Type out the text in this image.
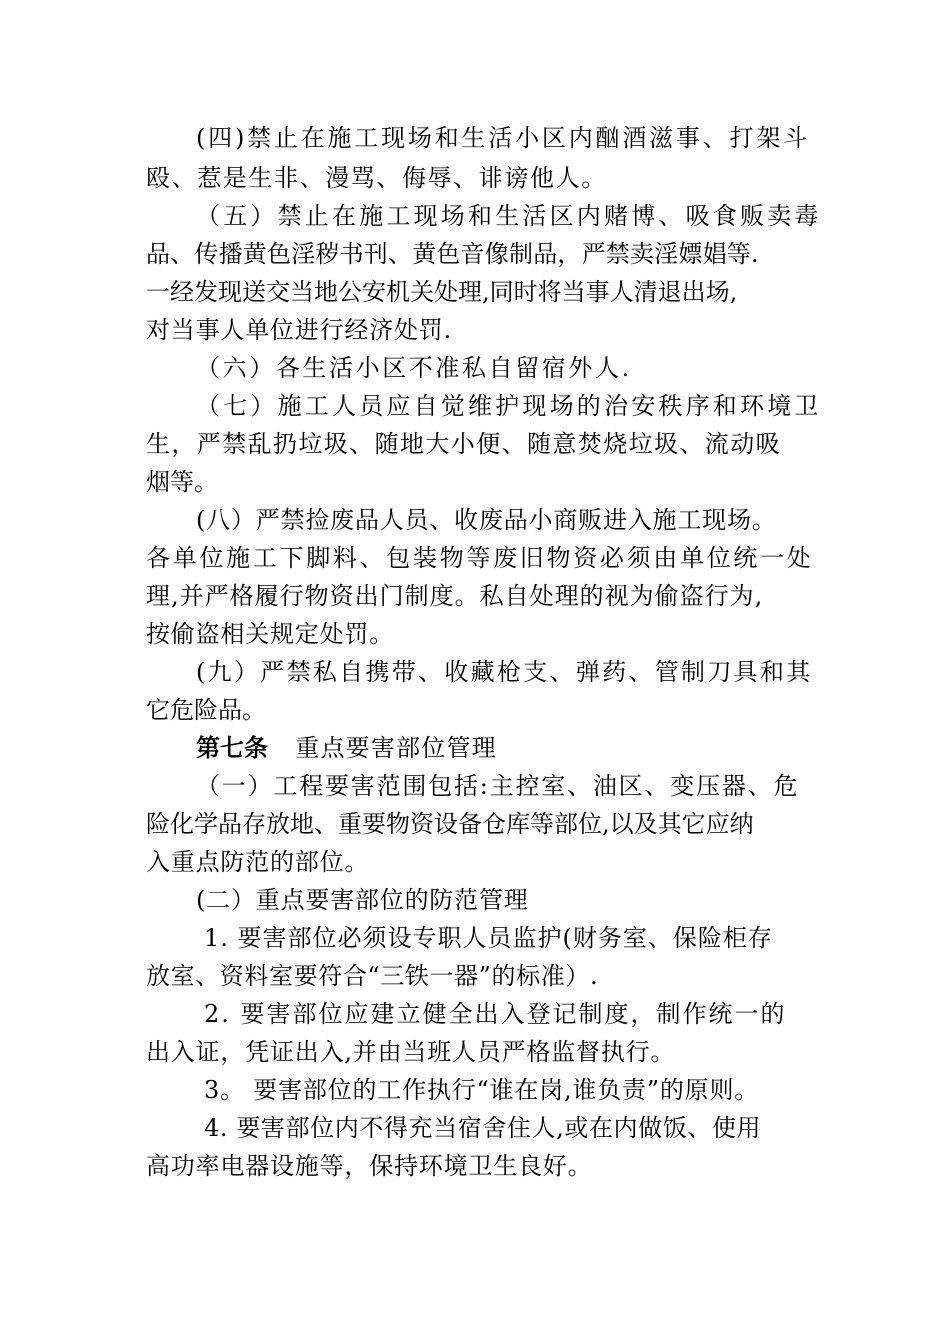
(四)禁止在施工现场和生活小区内酗酒滋事、打架斗
殴、惹是生非、漫骂、侮辱、诽谤他人。
（五）禁止在施工现场和生活区内赌博、吸食贩卖毒
品、传播黄色淫秽书刊、黄色音像制品，严禁卖淫嫖娼等.
一经发现送交当地公安机关处理,同时将当事人清退出场,
对当事人单位进行经济处罚.
（六）各生活小区不准私自留宿外人.
（七）施工人员应自觉维护现场的治安秩序和环境卫
生，严禁乱扔垃圾、随地大小便、随意焚烧垃圾、流动吸
烟等。
(八）严禁捡废品人员、收废品小商贩进入施工现场。
各单位施工下脚料、包装物等废旧物资必须由单位统一处
理,并严格履行物资出门制度。私自处理的视为偷盗行为,
按偷盗相关规定处罚。
(九）严禁私自携带、收藏枪支、弹药、管制刀具和其
它危险品。
第七条 重点要害部位管理
（一）工程要害范围包括:主控室、油区、变压器、危
险化学品存放地、重要物资设备仓库等部位,以及其它应纳
入重点防范的部位。
(二）重点要害部位的防范管理
1. 要害部位必须设专职人员监护(财务室、保险柜存
放室、资料室要符合“三铁一器”的标准）.
2. 要害部位应建立健全出入登记制度，制作统一的
出入证，凭证出入,并由当班人员严格监督执行。
3。 要害部位的工作执行“谁在岗,谁负责”的原则。
4. 要害部位内不得充当宿舍住人,或在内做饭、使用
高功率电器设施等，保持环境卫生良好。
